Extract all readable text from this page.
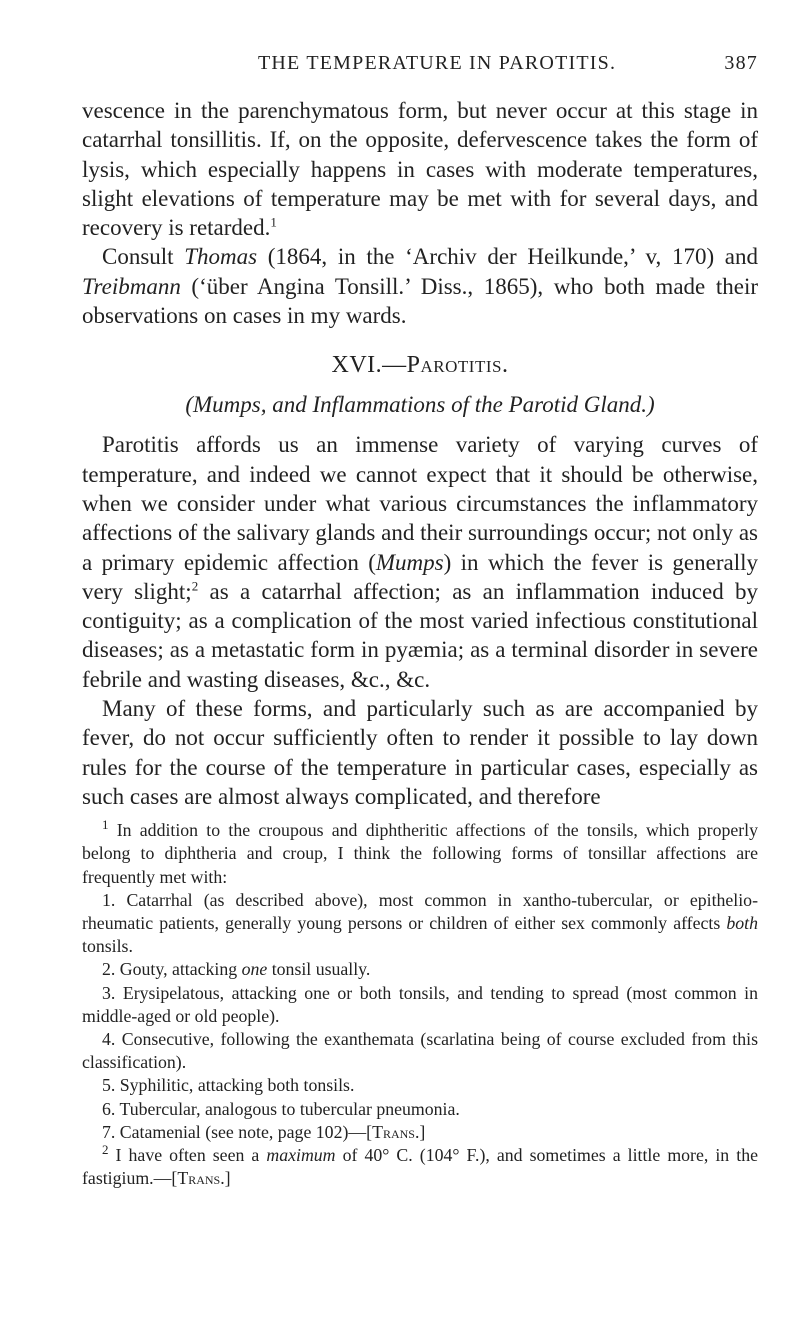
THE TEMPERATURE IN PAROTITIS.	387

vescence in the parenchymatous form, but never occur at this stage in catarrhal tonsillitis. If, on the opposite, defervescence takes the form of lysis, which especially happens in cases with moderate temperatures, slight elevations of temperature may be met with for several days, and recovery is retarded.$^1$

Consult Thomas (1864, in the ‘Archiv der Heilkunde,’ v, 170) and Treibmann (‘über Angina Tonsill.’ Diss., 1865), who both made their observations on cases in my wards.

XVI.—Parotitis.
(Mumps, and Inflammations of the Parotid Gland.)

Parotitis affords us an immense variety of varying curves of temperature, and indeed we cannot expect that it should be otherwise, when we consider under what various circumstances the inflammatory affections of the salivary glands and their surroundings occur; not only as a primary epidemic affection (Mumps) in which the fever is generally very slight;$^2$ as a catarrhal affection; as an inflammation induced by contiguity; as a complication of the most varied infectious constitutional diseases; as a metastatic form in pyæmia; as a terminal disorder in severe febrile and wasting diseases, &c., &c.

Many of these forms, and particularly such as are accompanied by fever, do not occur sufficiently often to render it possible to lay down rules for the course of the temperature in particular cases, especially as such cases are almost always complicated, and therefore

$^1$ In addition to the croupous and diphtheritic affections of the tonsils, which properly belong to diphtheria and croup, I think the following forms of tonsillar affections are frequently met with:

1. Catarrhal (as described above), most common in xantho-tubercular, or epithelio-rheumatic patients, generally young persons or children of either sex commonly affects both tonsils.

2. Gouty, attacking one tonsil usually.

3. Erysipelatous, attacking one or both tonsils, and tending to spread (most common in middle-aged or old people).

4. Consecutive, following the exanthemata (scarlatina being of course excluded from this classification).

5. Syphilitic, attacking both tonsils.

6. Tubercular, analogous to tubercular pneumonia.

7. Catamenial (see note, page 102)—[Trans.]

$^2$ I have often seen a maximum of 40° C. (104° F.), and sometimes a little more, in the fastigium.—[Trans.]
